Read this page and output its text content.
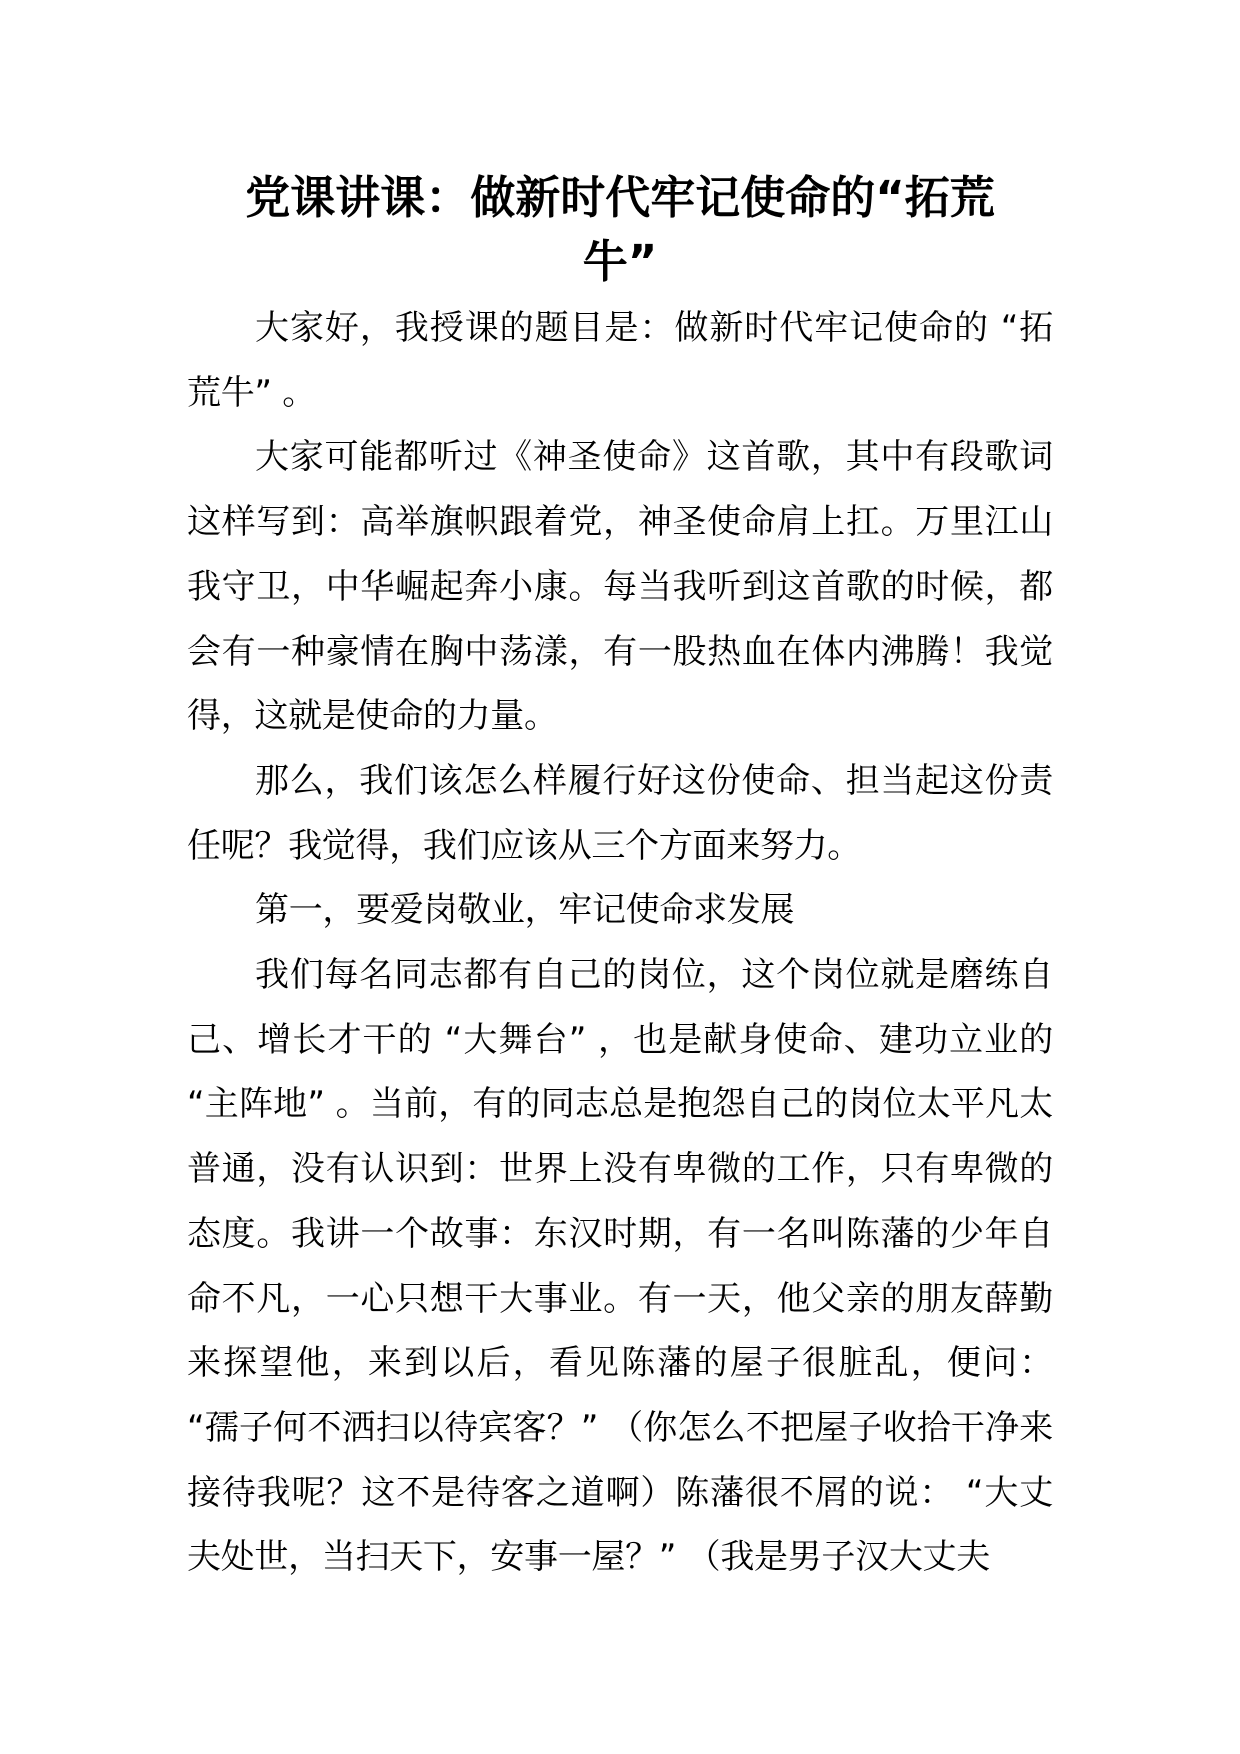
党课讲课：做新时代牢记使命的“拓荒牛”

大家好，我授课的题目是：做新时代牢记使命的 “拓荒牛” 。

大家可能都听过《神圣使命》这首歌，其中有段歌词这样写到：高举旗帜跟着党，神圣使命肩上扛。万里江山我守卫，中华崛起奔小康。每当我听到这首歌的时候，都会有一种豪情在胸中荡漾，有一股热血在体内沸腾！我觉得，这就是使命的力量。

那么，我们该怎么样履行好这份使命、担当起这份责任呢？我觉得，我们应该从三个方面来努力。

第一，要爱岗敬业，牢记使命求发展

我们每名同志都有自己的岗位，这个岗位就是磨练自己、增长才干的 “大舞台” ，也是献身使命、建功立业的 “主阵地” 。当前，有的同志总是抱怨自己的岗位太平凡太普通，没有认识到：世界上没有卑微的工作，只有卑微的态度。我讲一个故事：东汉时期，有一名叫陈藩的少年自命不凡，一心只想干大事业。有一天，他父亲的朋友薛勤来探望他，来到以后，看见陈藩的屋子很脏乱，便问： “孺子何不洒扫以待宾客？” （你怎么不把屋子收拾干净来接待我呢？这不是待客之道啊）陈藩很不屑的说： “大丈夫处世，当扫天下，安事一屋？” （我是男子汉大丈夫
